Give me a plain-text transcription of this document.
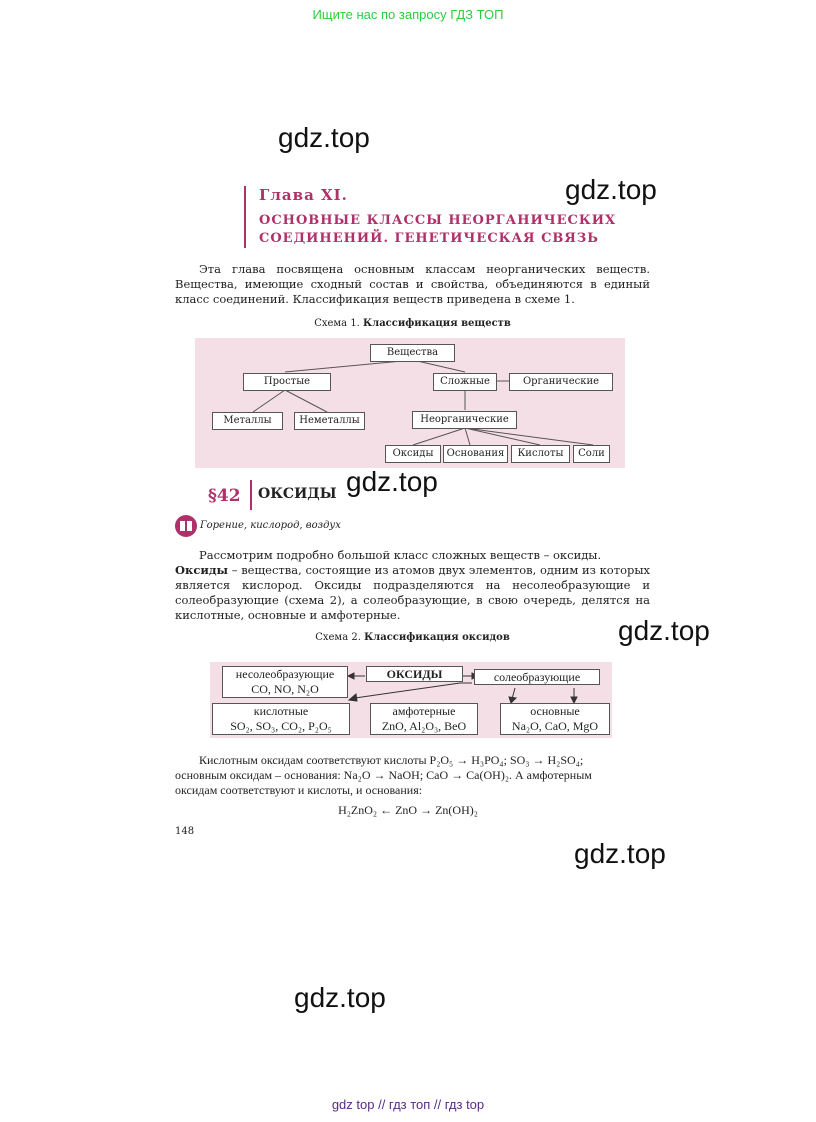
Ищите нас по запросу ГДЗ ТОП
gdz.top
gdz.top
Глава XI.
ОСНОВНЫЕ КЛАССЫ НЕОРГАНИЧЕСКИХ
СОЕДИНЕНИЙ. ГЕНЕТИЧЕСКАЯ СВЯЗЬ

Эта глава посвящена основным классам неорганических веществ. Вещества, имеющие сходный состав и свойства, объединяются в единый класс соединений. Классификация веществ приведена в схеме 1.

Схема 1. Классификация веществ
Вещества
Простые	Сложные	Органические
Металлы	Неметаллы	Неорганические
Оксиды	Основания	Кислоты	Соли
§42 ОКСИДЫ gdz.top
Горение, кислород, воздух

Рассмотрим подробно большой класс сложных веществ – оксиды.

Оксиды – вещества, состоящие из атомов двух элементов, одним из которых является кислород. Оксиды подразделяются на несолеобразующие и солеобразующие (схема 2), а солеобразующие, в свою очередь, делятся на кислотные, основные и амфотерные.	gdz.top
Схема 2. Классификация оксидов
несолеобразующие
CO, NO, N₂O
ОКСИДЫ	солеобразующие
кислотные
SO₂, SO₃, CO₂, P₂O₅
амфотерные
ZnO, Al₂O₃, BeO
основные
Na₂O, CaO, MgO
Кислотным оксидам соответствуют кислоты P₂O₅ → H₃PO₄; SO₃ → H₂SO₄;
основным оксидам – основания: Na₂O → NaOH; CaO → Ca(OH)₂. А амфотерным
оксидам соответствуют и кислоты, и основания:
H₂ZnO₂ ← ZnO → Zn(OH)₂
148
gdz.top
gdz.top
gdz top // гдз топ // гдз top
